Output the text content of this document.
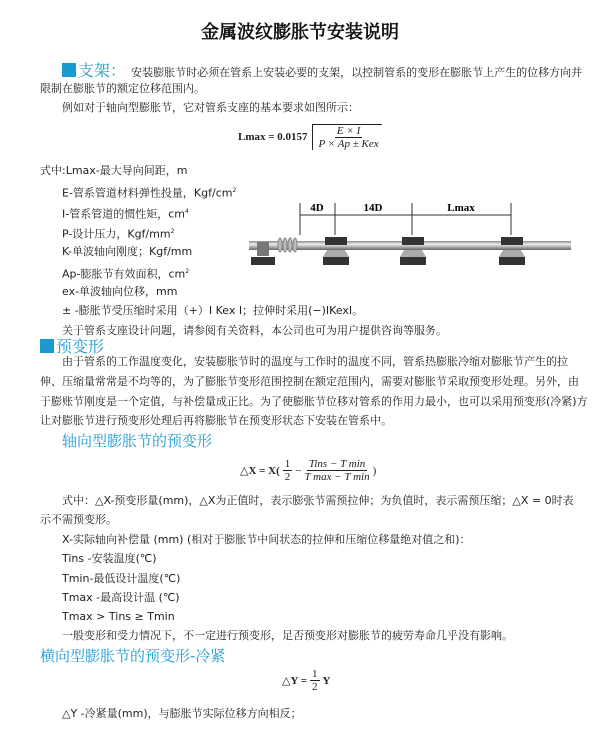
金属波纹膨胀节安装说明
支架： 安装膨胀节时必须在管系上安装必要的支架，以控制管系的变形在膨胀节上产生的位移方向并
限制在膨胀节的额定位移范围内。
例如对于轴向型膨胀节，它对管系支座的基本要求如图所示：
$Lmax = 0.0157 \frac{E \times I}{\text{P × Ap ± Kex}}$
式中:Lmax-最大导向间距，m
E-管系管道材料弹性投量，Kgf/$cm^2$
I-管系管道的惯性矩，$cm^4$
P-设计压力，Kgf/$mm^2$
K-单波轴向刚度；Kgf/mm
Ap-膨胀节有效面积，$cm^2$
ex-单波轴向位移，mm
± -膨胀节受压缩时采用（+）I Kex I；拉伸时采用(−)IKexI。
关于管系支座设计问题，请参阅有关资料，本公司也可为用户提供咨询等服务。
4D	14D	Lmax
预变形
由于管系的工作温度变化，安装膨胀节时的温度与工作时的温度不同，管系热膨胀冷缩对膨胀节产生的拉
伸、压缩量常常是不均等的，为了膨胀节变形范围控制在额定范围内，需要对膨胀节采取预变形处理。另外，由
于膨账节刚度是一个定值，与补偿量成正比。为了使膨胀节位移对管系的作用力最小，也可以采用预变形(冷紧)方
让对膨胀节进行预变形处理后再将膨胀节在预变形状态下安装在管系中。
轴向型膨胀节的预变形
△X = $X( \frac{1}{2} - \frac{\text{Tins − T min}}{\text{T max − T min}}$ )
式中：△X-预变形量(mm)，△X为正值时，表示膨张节需预拉伸；为负值时，表示需预压缩；△X = 0时表
示不需预变形。
X-实际轴向补偿量 (mm) (相对于膨胀节中间状态的拉伸和压缩位移量绝对值之和)：
Tins -安装温度(℃)
Tmin-最低设计温度(℃)
Tmax -最高设计温 (℃)
Tmax > Tins ≥ Tmin
一般变形和受力情况下，不一定进行预变形，足否预变形对膨胀节的疲劳寿命几乎没有影响。
横向型膨胀节的预变形-冷紧
△Y = $\frac{1}{2}$ Y
△Y -冷紧量(mm)，与膨胀节实际位移方向相反；
